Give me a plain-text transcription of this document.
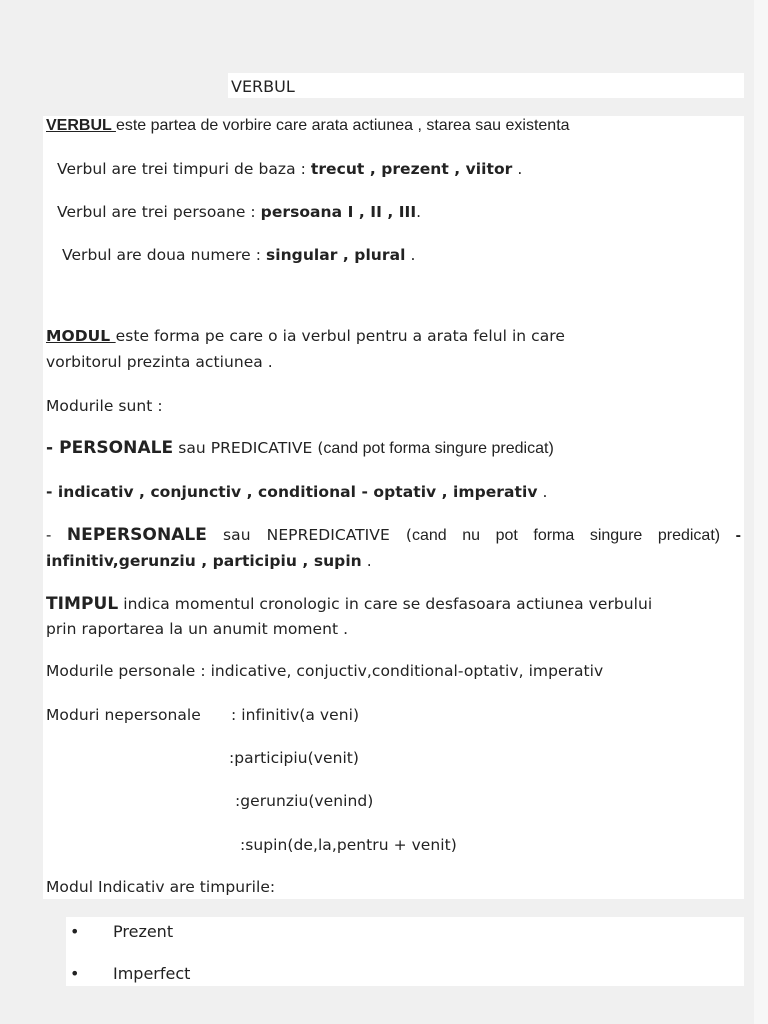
VERBUL
VERBUL este partea de vorbire care arata actiunea , starea sau existenta
Verbul are trei timpuri de baza : trecut , prezent , viitor .
Verbul are trei persoane : persoana I , II , III.
Verbul are doua numere : singular , plural .
MODUL este forma pe care o ia verbul pentru a arata felul in care
vorbitorul prezinta actiunea .
Modurile sunt :
- PERSONALE sau PREDICATIVE (cand pot forma singure predicat)
- indicativ , conjunctiv , conditional - optativ , imperativ .
- NEPERSONALE sau NEPREDICATIVE (cand nu pot forma singure predicat) -
infinitiv,gerunziu , participiu , supin .
TIMPUL indica momentul cronologic in care se desfasoara actiunea verbului
prin raportarea la un anumit moment .
Modurile personale : indicative, conjuctiv,conditional-optativ, imperativ
Moduri nepersonale : infinitiv(a veni)
:participiu(venit)
:gerunziu(venind)
:supin(de,la,pentru + venit)
Modul Indicativ are timpurile:
• Prezent
• Imperfect
